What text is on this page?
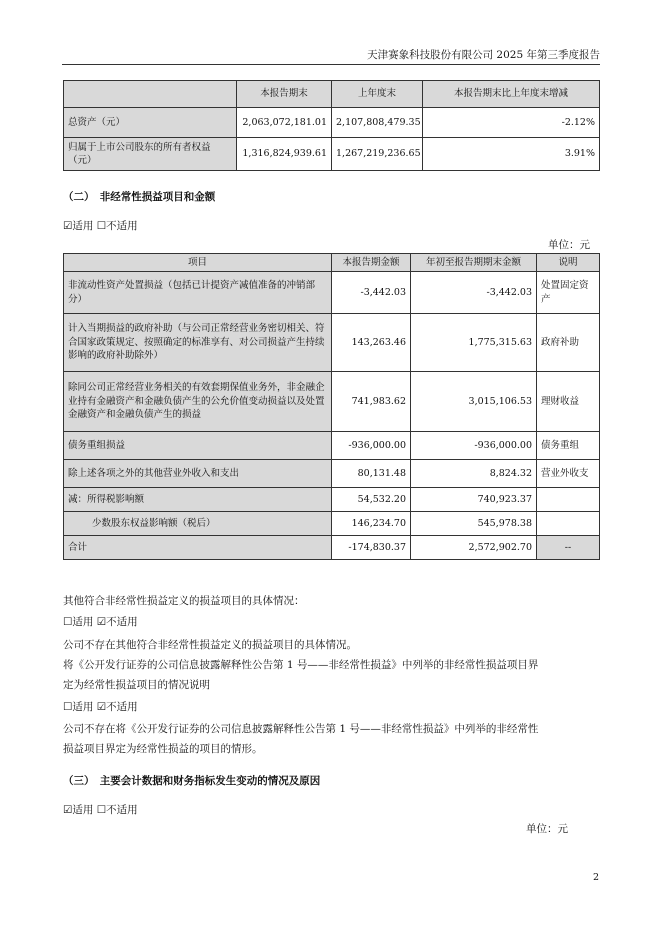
天津赛象科技股份有限公司 2025 年第三季度报告
	本报告期末	上年度末	本报告期末比上年度末增减
总资产（元）	2,063,072,181.01	2,107,808,479.35	-2.12%
归属于上市公司股东的所有者权益（元）	1,316,824,939.61	1,267,219,236.65	3.91%
（二）　非经常性损益项目和金额
☑适用 ☐不适用
单位：元
项目	本报告期金额	年初至报告期期末金额	说明
非流动性资产处置损益（包括已计提资产减值准备的冲销部分）	-3,442.03	-3,442.03	处置固定资产
计入当期损益的政府补助（与公司正常经营业务密切相关、符合国家政策规定、按照确定的标准享有、对公司损益产生持续影响的政府补助除外）	143,263.46	1,775,315.63	政府补助
除同公司正常经营业务相关的有效套期保值业务外，非金融企业持有金融资产和金融负债产生的公允价值变动损益以及处置金融资产和金融负债产生的损益	741,983.62	3,015,106.53	理财收益
债务重组损益	-936,000.00	-936,000.00	债务重组
除上述各项之外的其他营业外收入和支出	80,131.48	8,824.32	营业外收支
减：所得税影响额	54,532.20	740,923.37	
少数股东权益影响额（税后）	146,234.70	545,978.38	
合计	-174,830.37	2,572,902.70	--
其他符合非经常性损益定义的损益项目的具体情况：
☐适用 ☑不适用
公司不存在其他符合非经常性损益定义的损益项目的具体情况。
将《公开发行证券的公司信息披露解释性公告第 1 号——非经常性损益》中列举的非经常性损益项目界
定为经常性损益项目的情况说明
☐适用 ☑不适用
公司不存在将《公开发行证券的公司信息披露解释性公告第 1 号——非经常性损益》中列举的非经常性
损益项目界定为经常性损益的项目的情形。
（三）　主要会计数据和财务指标发生变动的情况及原因
☑适用 ☐不适用
单位：元
2
